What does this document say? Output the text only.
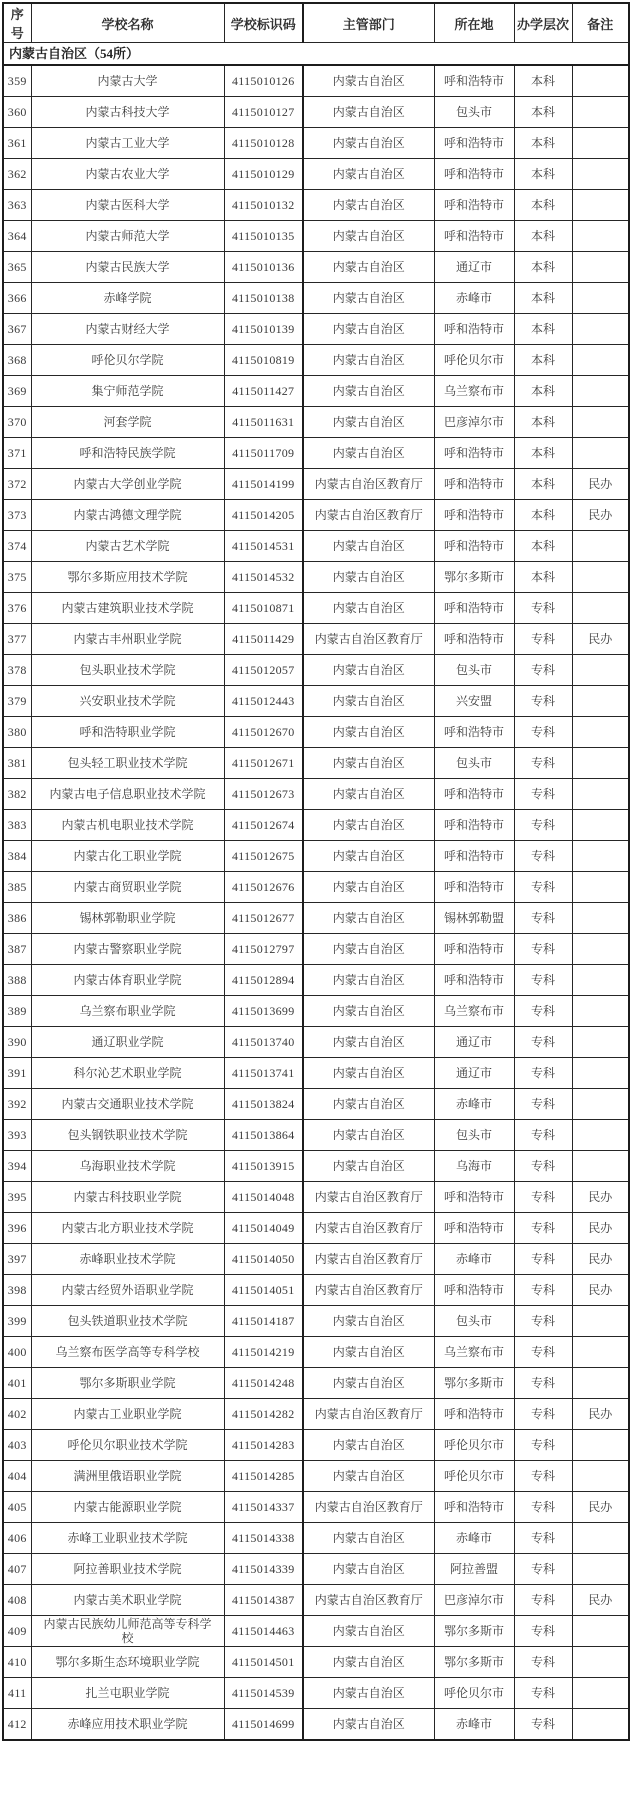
序号	学校名称	学校标识码	主管部门	所在地	办学层次	备注
内蒙古自治区（54所）						
359	内蒙古大学	4115010126	内蒙古自治区	呼和浩特市	本科	
360	内蒙古科技大学	4115010127	内蒙古自治区	包头市	本科	
361	内蒙古工业大学	4115010128	内蒙古自治区	呼和浩特市	本科	
362	内蒙古农业大学	4115010129	内蒙古自治区	呼和浩特市	本科	
363	内蒙古医科大学	4115010132	内蒙古自治区	呼和浩特市	本科	
364	内蒙古师范大学	4115010135	内蒙古自治区	呼和浩特市	本科	
365	内蒙古民族大学	4115010136	内蒙古自治区	通辽市	本科	
366	赤峰学院	4115010138	内蒙古自治区	赤峰市	本科	
367	内蒙古财经大学	4115010139	内蒙古自治区	呼和浩特市	本科	
368	呼伦贝尔学院	4115010819	内蒙古自治区	呼伦贝尔市	本科	
369	集宁师范学院	4115011427	内蒙古自治区	乌兰察布市	本科	
370	河套学院	4115011631	内蒙古自治区	巴彦淖尔市	本科	
371	呼和浩特民族学院	4115011709	内蒙古自治区	呼和浩特市	本科	
372	内蒙古大学创业学院	4115014199	内蒙古自治区教育厅	呼和浩特市	本科	民办
373	内蒙古鸿德文理学院	4115014205	内蒙古自治区教育厅	呼和浩特市	本科	民办
374	内蒙古艺术学院	4115014531	内蒙古自治区	呼和浩特市	本科	
375	鄂尔多斯应用技术学院	4115014532	内蒙古自治区	鄂尔多斯市	本科	
376	内蒙古建筑职业技术学院	4115010871	内蒙古自治区	呼和浩特市	专科	
377	内蒙古丰州职业学院	4115011429	内蒙古自治区教育厅	呼和浩特市	专科	民办
378	包头职业技术学院	4115012057	内蒙古自治区	包头市	专科	
379	兴安职业技术学院	4115012443	内蒙古自治区	兴安盟	专科	
380	呼和浩特职业学院	4115012670	内蒙古自治区	呼和浩特市	专科	
381	包头轻工职业技术学院	4115012671	内蒙古自治区	包头市	专科	
382	内蒙古电子信息职业技术学院	4115012673	内蒙古自治区	呼和浩特市	专科	
383	内蒙古机电职业技术学院	4115012674	内蒙古自治区	呼和浩特市	专科	
384	内蒙古化工职业学院	4115012675	内蒙古自治区	呼和浩特市	专科	
385	内蒙古商贸职业学院	4115012676	内蒙古自治区	呼和浩特市	专科	
386	锡林郭勒职业学院	4115012677	内蒙古自治区	锡林郭勒盟	专科	
387	内蒙古警察职业学院	4115012797	内蒙古自治区	呼和浩特市	专科	
388	内蒙古体育职业学院	4115012894	内蒙古自治区	呼和浩特市	专科	
389	乌兰察布职业学院	4115013699	内蒙古自治区	乌兰察布市	专科	
390	通辽职业学院	4115013740	内蒙古自治区	通辽市	专科	
391	科尔沁艺术职业学院	4115013741	内蒙古自治区	通辽市	专科	
392	内蒙古交通职业技术学院	4115013824	内蒙古自治区	赤峰市	专科	
393	包头钢铁职业技术学院	4115013864	内蒙古自治区	包头市	专科	
394	乌海职业技术学院	4115013915	内蒙古自治区	乌海市	专科	
395	内蒙古科技职业学院	4115014048	内蒙古自治区教育厅	呼和浩特市	专科	民办
396	内蒙古北方职业技术学院	4115014049	内蒙古自治区教育厅	呼和浩特市	专科	民办
397	赤峰职业技术学院	4115014050	内蒙古自治区教育厅	赤峰市	专科	民办
398	内蒙古经贸外语职业学院	4115014051	内蒙古自治区教育厅	呼和浩特市	专科	民办
399	包头铁道职业技术学院	4115014187	内蒙古自治区	包头市	专科	
400	乌兰察布医学高等专科学校	4115014219	内蒙古自治区	乌兰察布市	专科	
401	鄂尔多斯职业学院	4115014248	内蒙古自治区	鄂尔多斯市	专科	
402	内蒙古工业职业学院	4115014282	内蒙古自治区教育厅	呼和浩特市	专科	民办
403	呼伦贝尔职业技术学院	4115014283	内蒙古自治区	呼伦贝尔市	专科	
404	满洲里俄语职业学院	4115014285	内蒙古自治区	呼伦贝尔市	专科	
405	内蒙古能源职业学院	4115014337	内蒙古自治区教育厅	呼和浩特市	专科	民办
406	赤峰工业职业技术学院	4115014338	内蒙古自治区	赤峰市	专科	
407	阿拉善职业技术学院	4115014339	内蒙古自治区	阿拉善盟	专科	
408	内蒙古美术职业学院	4115014387	内蒙古自治区教育厅	巴彦淖尔市	专科	民办
409	内蒙古民族幼儿师范高等专科学校	4115014463	内蒙古自治区	鄂尔多斯市	专科	
410	鄂尔多斯生态环境职业学院	4115014501	内蒙古自治区	鄂尔多斯市	专科	
411	扎兰屯职业学院	4115014539	内蒙古自治区	呼伦贝尔市	专科	
412	赤峰应用技术职业学院	4115014699	内蒙古自治区	赤峰市	专科	
